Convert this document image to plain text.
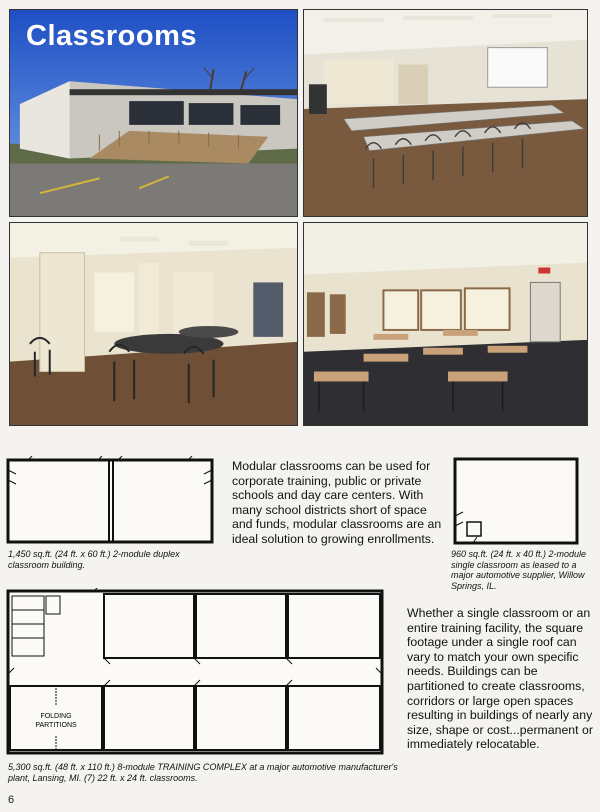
Classrooms
1,450 sq.ft. (24 ft. x 60 ft.) 2-module duplex classroom building.
Modular classrooms can be used for corporate training, public or private schools and day care centers. With many school districts short of space and funds, modular classrooms are an ideal solution to growing enrollments.
960 sq.ft. (24 ft. x 40 ft.) 2-module single classroom as leased to a major automotive supplier, Willow Springs, IL.
FOLDING
PARTITIONS
5,300 sq.ft. (48 ft. x 110 ft.) 8-module TRAINING COMPLEX at a major automotive manufacturer's plant, Lansing, MI. (7) 22 ft. x 24 ft. classrooms.
Whether a single classroom or an entire training facility, the square footage under a single roof can vary to match your own specific needs. Buildings can be partitioned to create classrooms, corridors or large open spaces resulting in buildings of nearly any size, shape or cost...permanent or immediately relocatable.
6
